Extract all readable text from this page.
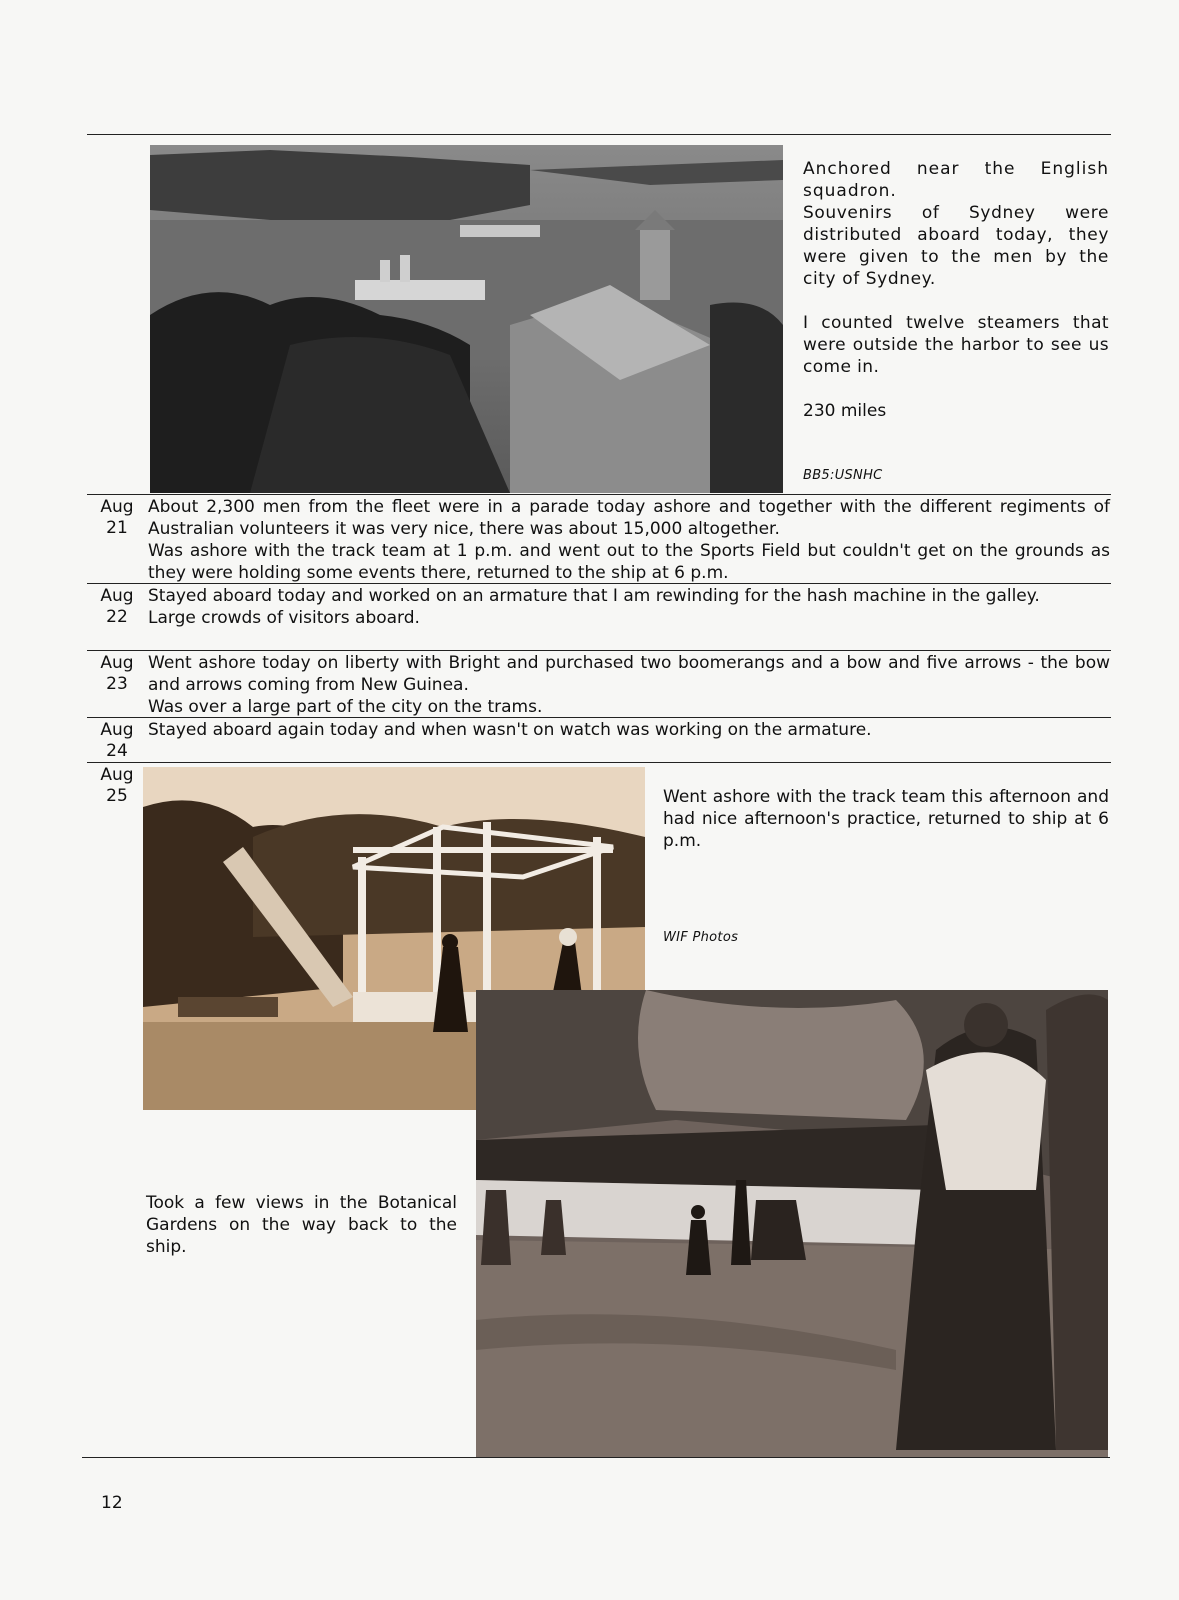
Anchored near the English squadron.
Souvenirs of Sydney were distributed aboard today, they were given to the men by the city of Sydney.
I counted twelve steamers that were outside the harbor to see us come in.
230 miles
BB5:USNHC
Aug
21

About 2,300 men from the fleet were in a parade today ashore and together with the different regiments of Australian volunteers it was very nice, there was about 15,000 altogether.

Was ashore with the track team at 1 p.m. and went out to the Sports Field but couldn't get on the grounds as they were holding some events there, returned to the ship at 6 p.m.

Aug
22

Stayed aboard today and worked on an armature that I am rewinding for the hash machine in the galley.

Large crowds of visitors aboard.

Aug
23

Went ashore today on liberty with Bright and purchased two boomerangs and a bow and five arrows - the bow and arrows coming from New Guinea.

Was over a large part of the city on the trams.

Aug
24

Stayed aboard again today and when wasn't on watch was working on the armature.

Aug
25	Went ashore with the track team this afternoon and had nice afternoon's practice, returned to ship at 6 p.m.
WIF Photos
Took a few views in the Botanical Gardens on the way back to the ship.
12
